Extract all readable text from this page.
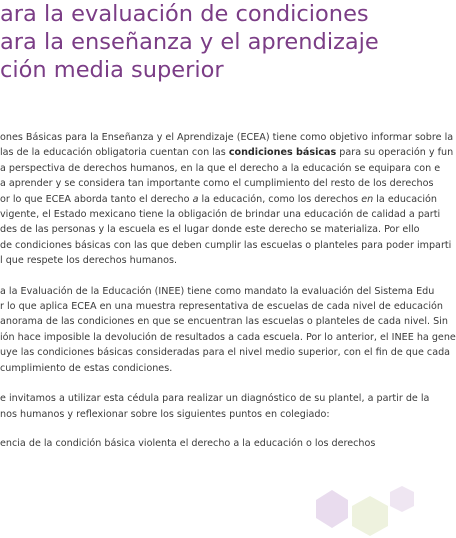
ara la evaluación de condiciones
ara la enseñanza y el aprendizaje
ción media superior
ones Básicas para la Enseñanza y el Aprendizaje (ECEA) tiene como objetivo informar sobre la
las de la educación obligatoria cuentan con las condiciones básicas para su operación y fun
a perspectiva de derechos humanos, en la que el derecho a la educación se equipara con e
a aprender y se considera tan importante como el cumplimiento del resto de los derechos
or lo que ECEA aborda tanto el derecho a la educación, como los derechos en la educación
vigente, el Estado mexicano tiene la obligación de brindar una educación de calidad a parti
des de las personas y la escuela es el lugar donde este derecho se materializa. Por ello
de condiciones básicas con las que deben cumplir las escuelas o planteles para poder imparti
l que respete los derechos humanos.
a la Evaluación de la Educación (INEE) tiene como mandato la evaluación del Sistema Edu
r lo que aplica ECEA en una muestra representativa de escuelas de cada nivel de educación
anorama de las condiciones en que se encuentran las escuelas o planteles de cada nivel. Sin
ión hace imposible la devolución de resultados a cada escuela. Por lo anterior, el INEE ha gene
uye las condiciones básicas consideradas para el nivel medio superior, con el fin de que cada
cumplimiento de estas condiciones.
e invitamos a utilizar esta cédula para realizar un diagnóstico de su plantel, a partir de la
nos humanos y reflexionar sobre los siguientes puntos en colegiado:
encia de la condición básica violenta el derecho a la educación o los derechos
